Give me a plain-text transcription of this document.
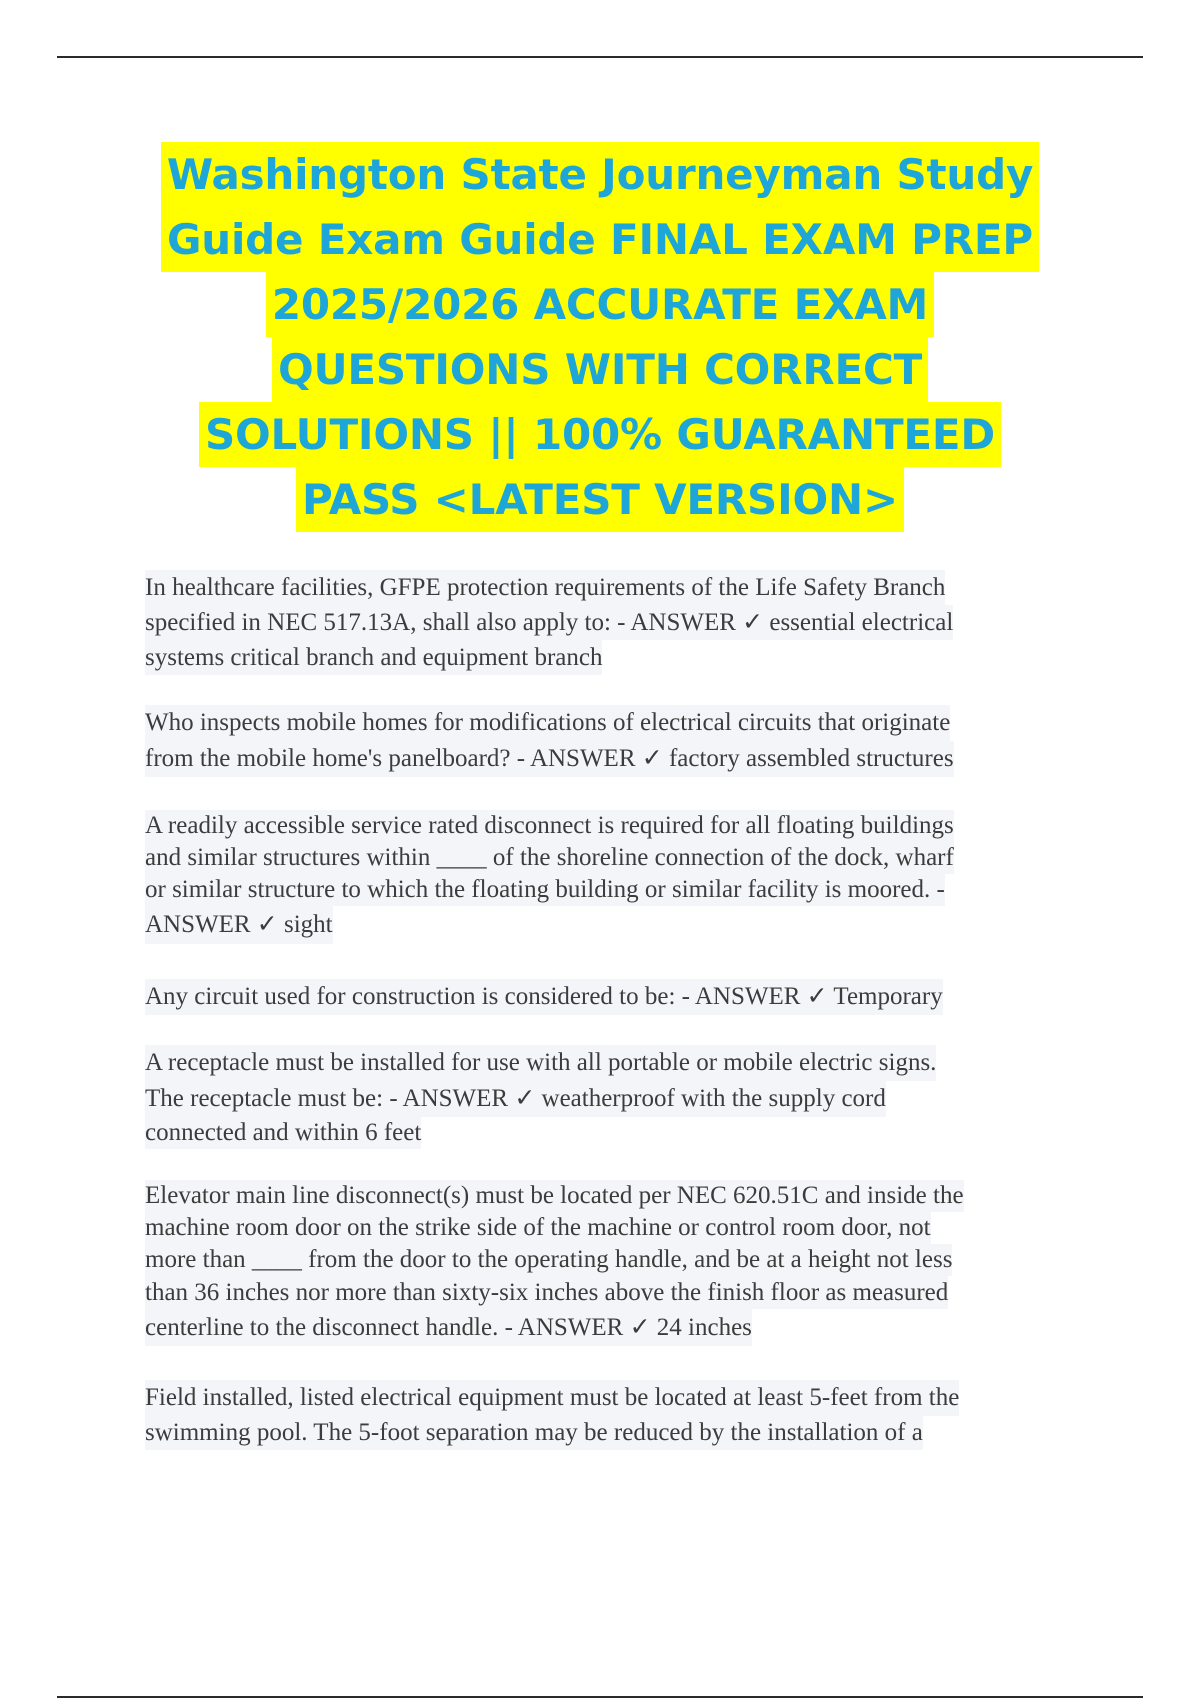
Washington State Journeyman Study
Guide Exam Guide FINAL EXAM PREP
2025/2026 ACCURATE EXAM
QUESTIONS WITH CORRECT
SOLUTIONS || 100% GUARANTEED
PASS <LATEST VERSION>
In healthcare facilities, GFPE protection requirements of the Life Safety Branch
specified in NEC 517.13A, shall also apply to: - ANSWER ✓ essential electrical
systems critical branch and equipment branch
Who inspects mobile homes for modifications of electrical circuits that originate
from the mobile home's panelboard? - ANSWER ✓ factory assembled structures
A readily accessible service rated disconnect is required for all floating buildings
and similar structures within ____ of the shoreline connection of the dock, wharf
or similar structure to which the floating building or similar facility is moored. -
ANSWER ✓ sight
Any circuit used for construction is considered to be: - ANSWER ✓ Temporary
A receptacle must be installed for use with all portable or mobile electric signs.
The receptacle must be: - ANSWER ✓ weatherproof with the supply cord
connected and within 6 feet
Elevator main line disconnect(s) must be located per NEC 620.51C and inside the
machine room door on the strike side of the machine or control room door, not
more than ____ from the door to the operating handle, and be at a height not less
than 36 inches nor more than sixty-six inches above the finish floor as measured
centerline to the disconnect handle. - ANSWER ✓ 24 inches
Field installed, listed electrical equipment must be located at least 5-feet from the
swimming pool. The 5-foot separation may be reduced by the installation of a
